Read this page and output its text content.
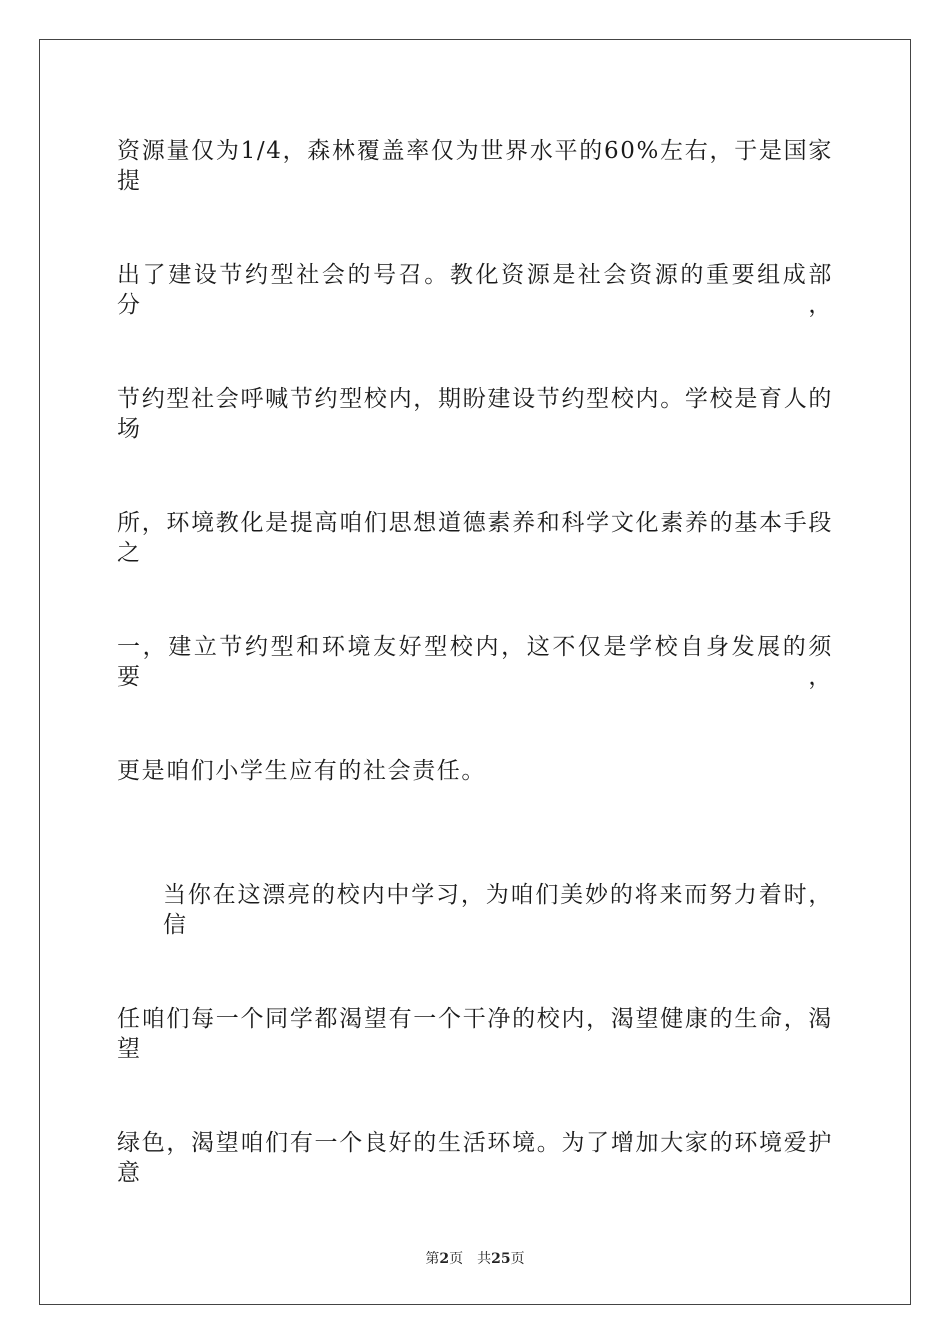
资源量仅为1/4，森林覆盖率仅为世界水平的60%左右，于是国家提
出了建设节约型社会的号召。教化资源是社会资源的重要组成部分，
节约型社会呼喊节约型校内，期盼建设节约型校内。学校是育人的场
所，环境教化是提高咱们思想道德素养和科学文化素养的基本手段之
一，建立节约型和环境友好型校内，这不仅是学校自身发展的须要，
更是咱们小学生应有的社会责任。
当你在这漂亮的校内中学习，为咱们美妙的将来而努力着时，信
任咱们每一个同学都渴望有一个干净的校内，渴望健康的生命，渴望
绿色，渴望咱们有一个良好的生活环境。为了增加大家的环境爱护意
第2页 共25页
